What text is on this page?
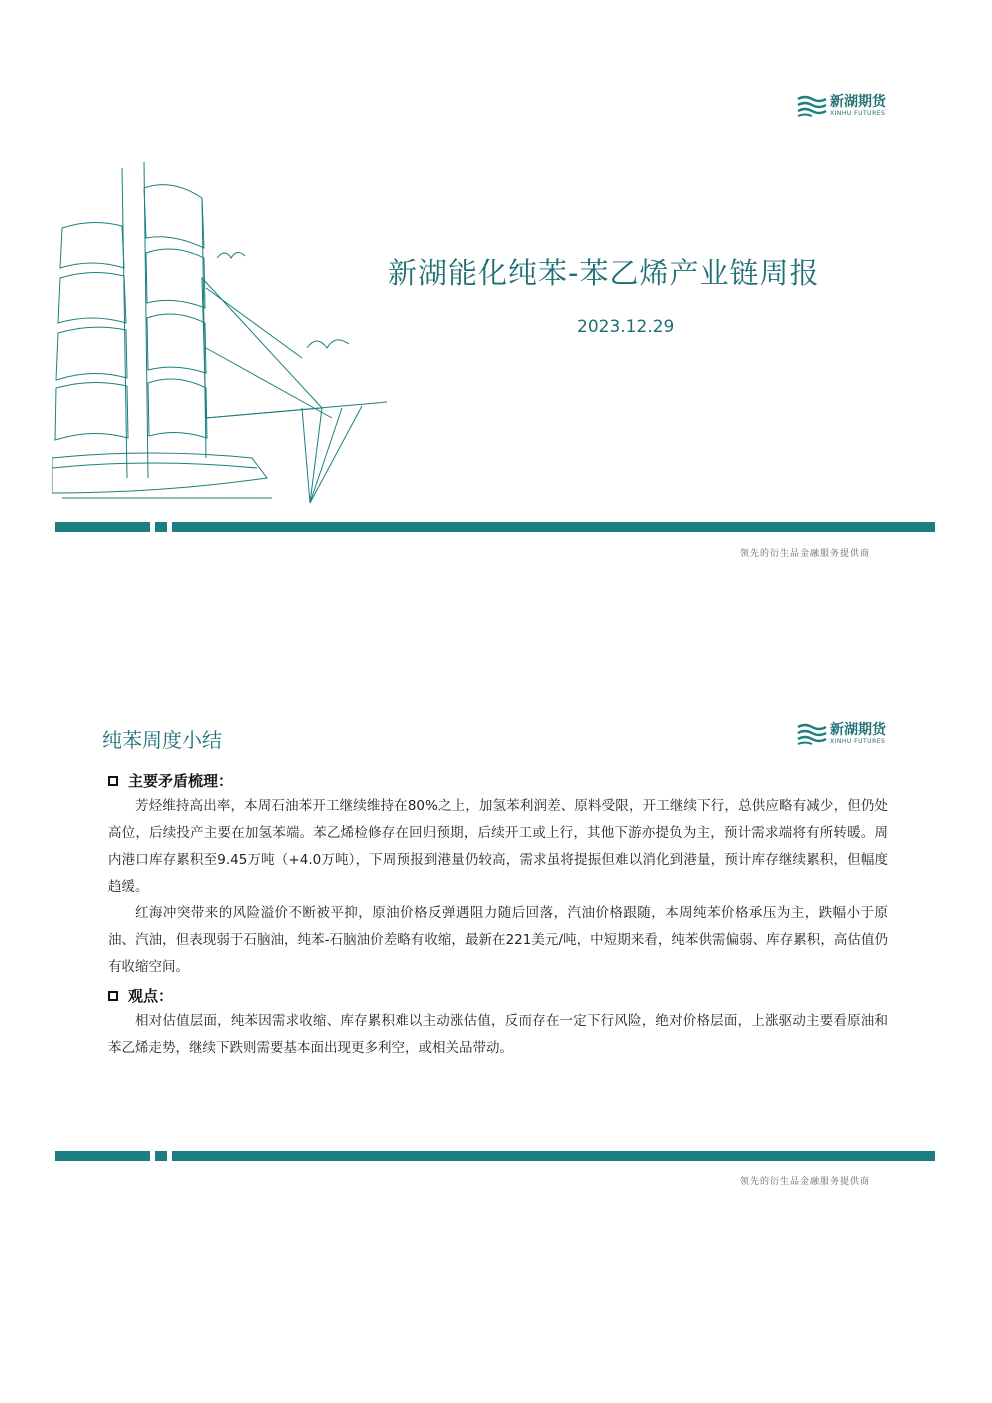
新湖期货
XINHU FUTURES
新湖能化纯苯-苯乙烯产业链周报
2023.12.29
领先的衍生品金融服务提供商
纯苯周度小结	新湖期货
XINHU FUTURES
主要矛盾梳理：
芳烃维持高出率，本周石油苯开工继续维持在80%之上，加氢苯利润差、原料受限，开工继续下行，总供应略有减少，但仍处高位，后续投产主要在加氢苯端。苯乙烯检修存在回归预期，后续开工或上行，其他下游亦提负为主，预计需求端将有所转暖。周内港口库存累积至9.45万吨（+4.0万吨），下周预报到港量仍较高，需求虽将提振但难以消化到港量，预计库存继续累积，但幅度趋缓。
红海冲突带来的风险溢价不断被平抑，原油价格反弹遇阻力随后回落，汽油价格跟随，本周纯苯价格承压为主，跌幅小于原油、汽油，但表现弱于石脑油，纯苯-石脑油价差略有收缩，最新在221美元/吨，中短期来看，纯苯供需偏弱、库存累积，高估值仍有收缩空间。
观点：
相对估值层面，纯苯因需求收缩、库存累积难以主动涨估值，反而存在一定下行风险，绝对价格层面，上涨驱动主要看原油和苯乙烯走势，继续下跌则需要基本面出现更多利空，或相关品带动。
领先的衍生品金融服务提供商
